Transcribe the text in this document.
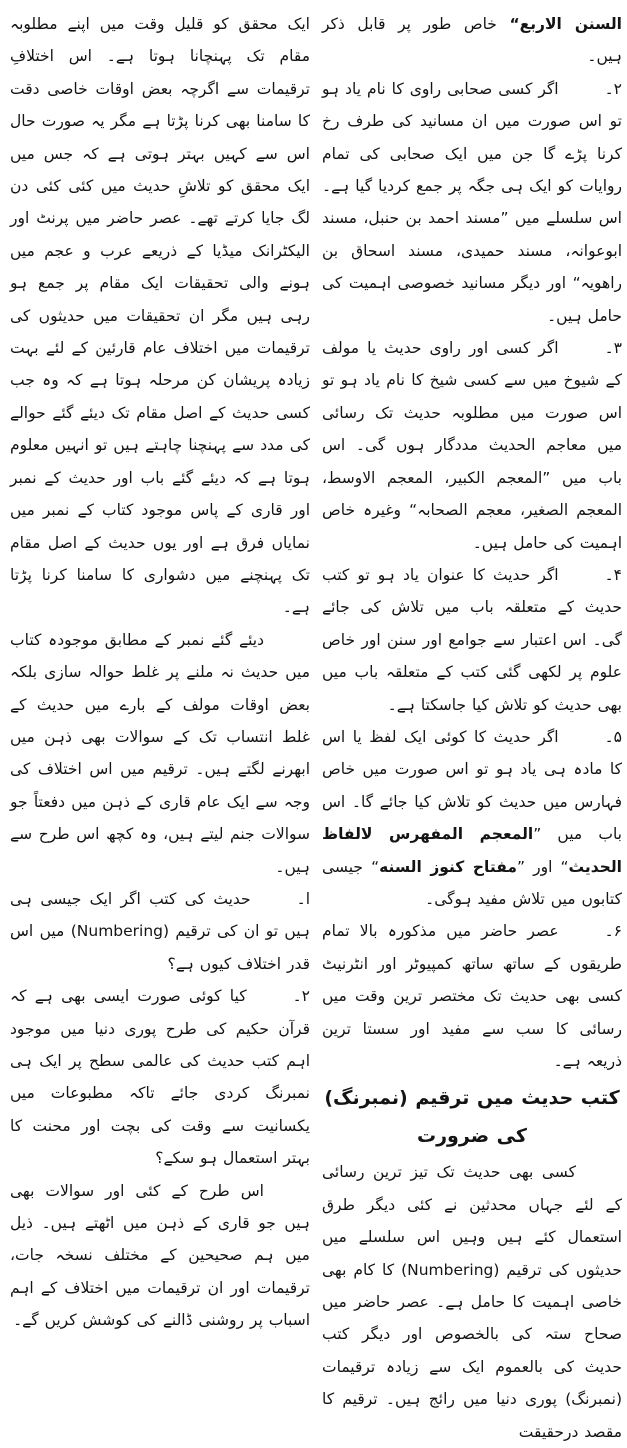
السنن الاربع“ خاص طور پر قابل ذکر ہیں۔

۲۔اگر کسی صحابی راوی کا نام یاد ہو تو اس صورت میں ان مسانید کی طرف رخ کرنا پڑے گا جن میں ایک صحابی کی تمام روایات کو ایک ہی جگہ پر جمع کردیا گیا ہے۔ اس سلسلے میں ”مسند احمد بن حنبل، مسند ابوعوانہ، مسند حمیدی، مسند اسحاق بن راھویہ“ اور دیگر مسانید خصوصی اہمیت کی حامل ہیں۔

۳۔اگر کسی اور راوی حدیث یا مولف کے شیوخ میں سے کسی شیخ کا نام یاد ہو تو اس صورت میں مطلوبہ حدیث تک رسائی میں معاجم الحدیث مددگار ہوں گی۔ اس باب میں ”المعجم الکبیر، المعجم الاوسط، المعجم الصغیر، معجم الصحابہ“ وغیرہ خاص اہمیت کی حامل ہیں۔

۴۔اگر حدیث کا عنوان یاد ہو تو کتب حدیث کے متعلقہ باب میں تلاش کی جائے گی۔ اس اعتبار سے جوامع اور سنن اور خاص علوم پر لکھی گئی کتب کے متعلقہ باب میں بھی حدیث کو تلاش کیا جاسکتا ہے۔

۵۔اگر حدیث کا کوئی ایک لفظ یا اس کا مادہ ہی یاد ہو تو اس صورت میں خاص فہارس میں حدیث کو تلاش کیا جائے گا۔ اس باب میں ”المعجم المفهرس لالفاظ الحديث“ اور ”مفتاح كنوز السنه“ جیسی کتابوں میں تلاش مفید ہوگی۔

۶۔عصر حاضر میں مذکورہ بالا تمام طریقوں کے ساتھ ساتھ کمپیوٹر اور انٹرنیٹ کسی بھی حدیث تک مختصر ترین وقت میں رسائی کا سب سے مفید اور سستا ترین ذریعہ ہے۔

کتب حدیث میں ترقیم (نمبرنگ) کی ضرورت

کسی بھی حدیث تک تیز ترین رسائی کے لئے جہاں محدثین نے کئی دیگر طرق استعمال کئے ہیں وہیں اس سلسلے میں حدیثوں کی ترقیم (Numbering) کا کام بھی خاصی اہمیت کا حامل ہے۔ عصر حاضر میں صحاح ستہ کی بالخصوص اور دیگر کتب حدیث کی بالعموم ایک سے زیادہ ترقیمات (نمبرنگ) پوری دنیا میں رائج ہیں۔ ترقیم کا مقصد درحقیقت

ایک محقق کو قلیل وقت میں اپنے مطلوبہ مقام تک پہنچانا ہوتا ہے۔ اس اختلافِ ترقیمات سے اگرچہ بعض اوقات خاصی دقت کا سامنا بھی کرنا پڑتا ہے مگر یہ صورت حال اس سے کہیں بہتر ہوتی ہے کہ جس میں ایک محقق کو تلاشِ حدیث میں کئی کئی دن لگ جایا کرتے تھے۔ عصر حاضر میں پرنٹ اور الیکٹرانک میڈیا کے ذریعے عرب و عجم میں ہونے والی تحقیقات ایک مقام پر جمع ہو رہی ہیں مگر ان تحقیقات میں حدیثوں کی ترقیمات میں اختلاف عام قارئین کے لئے بہت زیادہ پریشان کن مرحلہ ہوتا ہے کہ وہ جب کسی حدیث کے اصل مقام تک دیئے گئے حوالے کی مدد سے پہنچنا چاہتے ہیں تو انہیں معلوم ہوتا ہے کہ دیئے گئے باب اور حدیث کے نمبر اور قاری کے پاس موجود کتاب کے نمبر میں نمایاں فرق ہے اور یوں حدیث کے اصل مقام تک پہنچنے میں دشواری کا سامنا کرنا پڑتا ہے۔

دیئے گئے نمبر کے مطابق موجودہ کتاب میں حدیث نہ ملنے پر غلط حوالہ سازی بلکہ بعض اوقات مولف کے بارے میں حدیث کے غلط انتساب تک کے سوالات بھی ذہن میں ابھرنے لگتے ہیں۔ ترقیم میں اس اختلاف کی وجہ سے ایک عام قاری کے ذہن میں دفعتاً جو سوالات جنم لیتے ہیں، وہ کچھ اس طرح سے ہیں۔

ا۔حدیث کی کتب اگر ایک جیسی ہی ہیں تو ان کی ترقیم (Numbering) میں اس قدر اختلاف کیوں ہے؟

۲۔کیا کوئی صورت ایسی بھی ہے کہ قرآن حکیم کی طرح پوری دنیا میں موجود اہم کتب حدیث کی عالمی سطح پر ایک ہی نمبرنگ کردی جائے تاکہ مطبوعات میں یکسانیت سے وقت کی بچت اور محنت کا بہتر استعمال ہو سکے؟

اس طرح کے کئی اور سوالات بھی ہیں جو قاری کے ذہن میں اٹھتے ہیں۔ ذیل میں ہم صحیحین کے مختلف نسخہ جات، ترقیمات اور ان ترقیمات میں اختلاف کے اہم اسباب پر روشنی ڈالنے کی کوشش کریں گے۔
